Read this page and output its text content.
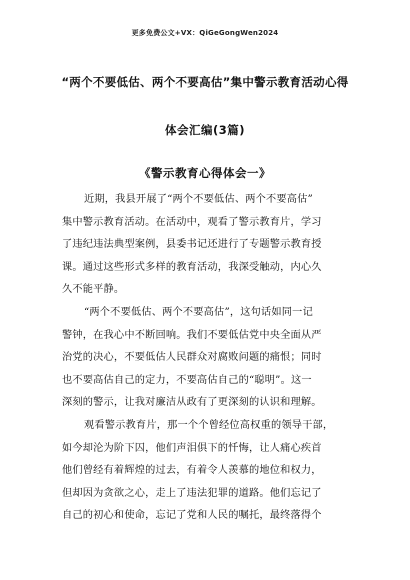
更多免费公文+VX：QiGeGongWen2024
“两个不要低估、两个不要高估”集中警示教育活动心得
体会汇编(3篇)
《警示教育心得体会一》
近期，我县开展了“两个不要低估、两个不要高估”
集中警示教育活动。在活动中，观看了警示教育片，学习
了违纪违法典型案例，县委书记还进行了专题警示教育授
课。通过这些形式多样的教育活动，我深受触动，内心久
久不能平静。
“两个不要低估、两个不要高估”，这句话如同一记
警钟，在我心中不断回响。我们不要低估党中央全面从严
治党的决心，不要低估人民群众对腐败问题的痛恨；同时
也不要高估自己的定力，不要高估自己的“聪明”。这一
深刻的警示，让我对廉洁从政有了更深刻的认识和理解。
观看警示教育片，那一个个曾经位高权重的领导干部，
如今却沦为阶下囚，他们声泪俱下的忏悔，让人痛心疾首
他们曾经有着辉煌的过去，有着令人羡慕的地位和权力，
但却因为贪欲之心，走上了违法犯罪的道路。他们忘记了
自己的初心和使命，忘记了党和人民的嘱托，最终落得个
